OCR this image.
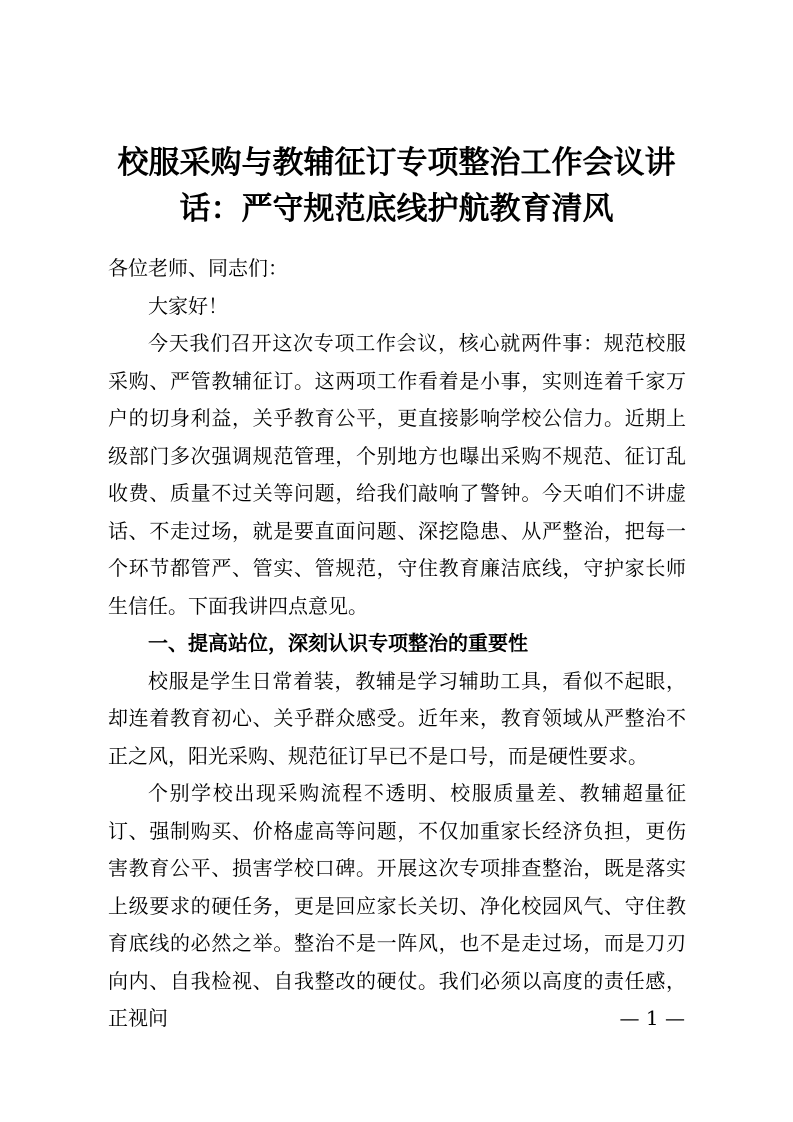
校服采购与教辅征订专项整治工作会议讲
话：严守规范底线护航教育清风

各位老师、同志们：

大家好！

今天我们召开这次专项工作会议，核心就两件事：规范校服采购、严管教辅征订。这两项工作看着是小事，实则连着千家万户的切身利益，关乎教育公平，更直接影响学校公信力。近期上级部门多次强调规范管理，个别地方也曝出采购不规范、征订乱收费、质量不过关等问题，给我们敲响了警钟。今天咱们不讲虚话、不走过场，就是要直面问题、深挖隐患、从严整治，把每一个环节都管严、管实、管规范，守住教育廉洁底线，守护家长师生信任。下面我讲四点意见。

一、提高站位，深刻认识专项整治的重要性

校服是学生日常着装，教辅是学习辅助工具，看似不起眼，却连着教育初心、关乎群众感受。近年来，教育领域从严整治不正之风，阳光采购、规范征订早已不是口号，而是硬性要求。

个别学校出现采购流程不透明、校服质量差、教辅超量征订、强制购买、价格虚高等问题，不仅加重家长经济负担，更伤害教育公平、损害学校口碑。开展这次专项排查整治，既是落实上级要求的硬任务，更是回应家长关切、净化校园风气、守住教育底线的必然之举。整治不是一阵风，也不是走过场，而是刀刃向内、自我检视、自我整改的硬仗。我们必须以高度的责任感，正视问	— 1 —
